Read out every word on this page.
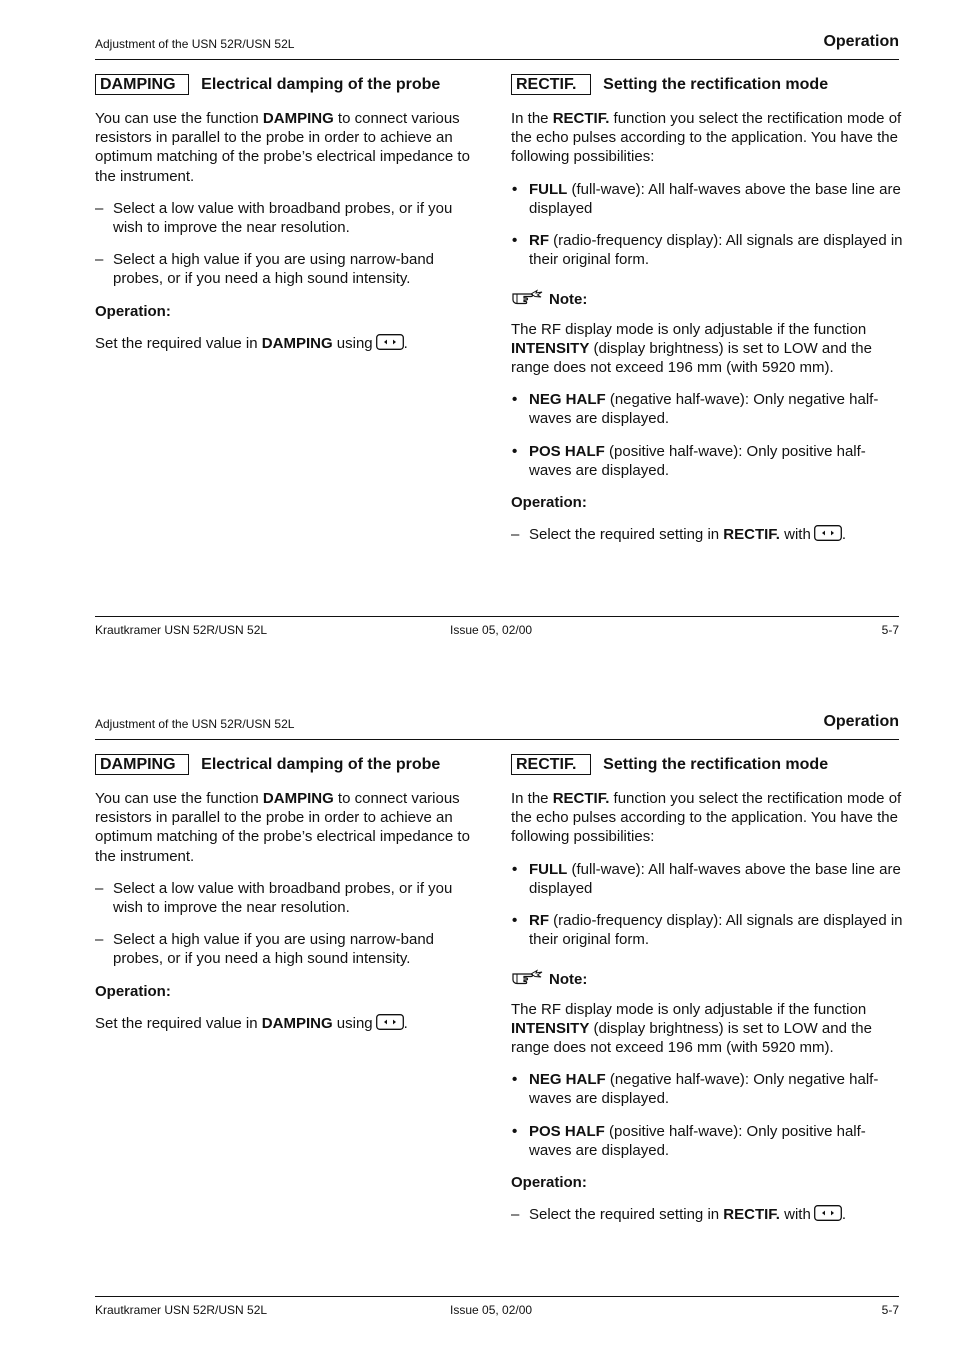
Adjustment of the USN 52R/USN 52L	Operation
DAMPING Electrical damping of the probe

You can use the function DAMPING to connect various resistors in parallel to the probe in order to achieve an optimum matching of the probe’s electrical impedance to the instrument.

– Select a low value with broadband probes, or if you wish to improve the near resolution.
– Select a high value if you are using narrow-band probes, or if you need a high sound intensity.
Operation:

Set the required value in DAMPING using .

RECTIF. Setting the rectification mode

In the RECTIF. function you select the rectification mode of the echo pulses according to the application. You have the following possibilities:

• FULL (full-wave): All half-waves above the base line are displayed
• RF (radio-frequency display): All signals are displayed in their original form.
Note:

The RF display mode is only adjustable if the function INTENSITY (display brightness) is set to LOW and the range does not exceed 196 mm (with 5920 mm).

• NEG HALF (negative half-wave): Only negative half-waves are displayed.
• POS HALF (positive half-wave): Only positive half-waves are displayed.
Operation:
– Select the required setting in RECTIF. with .
Krautkramer USN 52R/USN 52L	Issue 05, 02/00	5-7
Adjustment of the USN 52R/USN 52L	Operation
DAMPING Electrical damping of the probe

You can use the function DAMPING to connect various resistors in parallel to the probe in order to achieve an optimum matching of the probe’s electrical impedance to the instrument.

– Select a low value with broadband probes, or if you wish to improve the near resolution.
– Select a high value if you are using narrow-band probes, or if you need a high sound intensity.
Operation:

Set the required value in DAMPING using .

RECTIF. Setting the rectification mode

In the RECTIF. function you select the rectification mode of the echo pulses according to the application. You have the following possibilities:

• FULL (full-wave): All half-waves above the base line are displayed
• RF (radio-frequency display): All signals are displayed in their original form.
Note:

The RF display mode is only adjustable if the function INTENSITY (display brightness) is set to LOW and the range does not exceed 196 mm (with 5920 mm).

• NEG HALF (negative half-wave): Only negative half-waves are displayed.
• POS HALF (positive half-wave): Only positive half-waves are displayed.
Operation:
– Select the required setting in RECTIF. with .
Krautkramer USN 52R/USN 52L	Issue 05, 02/00	5-7
